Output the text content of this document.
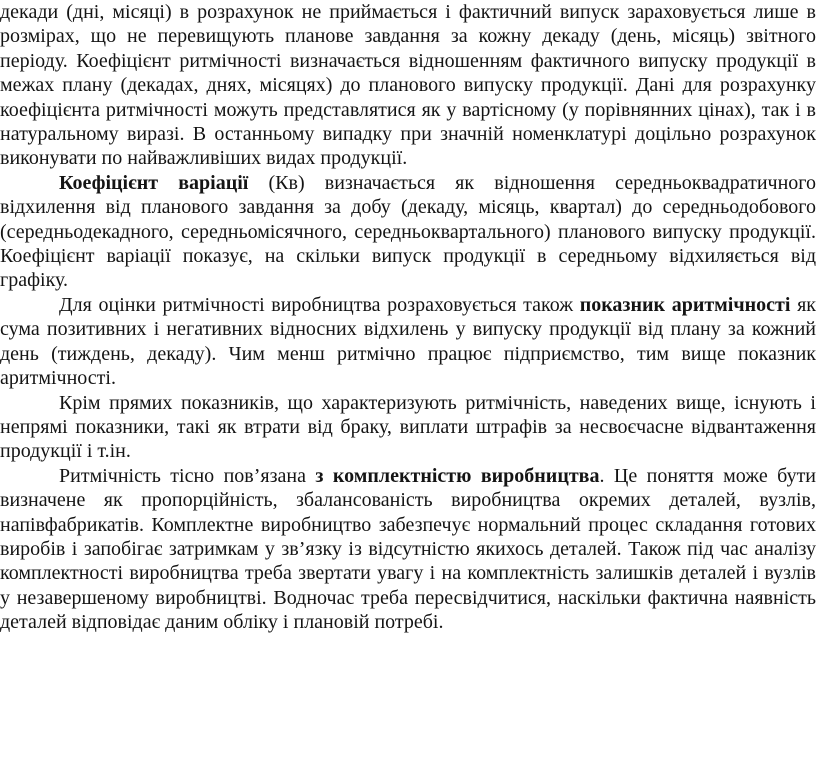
декади (дні, місяці) в розрахунок не приймається і фактичний випуск зараховується лише в розмірах, що не перевищують планове завдання за кожну декаду (день, місяць) звітного періоду. Коефіцієнт ритмічності визначається відношенням фактичного випуску продукції в межах плану (декадах, днях, місяцях) до планового випуску продукції. Дані для розрахунку коефіцієнта ритмічності можуть представлятися як у вартісному (у порівнянних цінах), так і в натуральному виразі. В останньому випадку при значній номенклатурі доцільно розрахунок виконувати по найважливіших видах продукції.

Коефіцієнт варіації (Кв) визначається як відношення середньоквадратичного відхилення від планового завдання за добу (декаду, місяць, квартал) до середньодобового (середньодекадного, середньомісячного, середньоквартального) планового випуску продукції. Коефіцієнт варіації показує, на скільки випуск продукції в середньому відхиляється від графіку.

Для оцінки ритмічності виробництва розраховується також показник аритмічності як сума позитивних і негативних відносних відхилень у випуску продукції від плану за кожний день (тиждень, декаду). Чим менш ритмічно працює підприємство, тим вище показник аритмічності.

Крім прямих показників, що характеризують ритмічність, наведених вище, існують і непрямі показники, такі як втрати від браку, виплати штрафів за несвоєчасне відвантаження продукції і т.ін.

Ритмічність тісно пов’язана з комплектністю виробництва. Це поняття може бути визначене як пропорційність, збалансованість виробництва окремих деталей, вузлів, напівфабрикатів. Комплектне виробництво забезпечує нормальний процес складання готових виробів і запобігає затримкам у зв’язку із відсутністю якихось деталей. Також під час аналізу комплектності виробництва треба звертати увагу і на комплектність залишків деталей і вузлів у незавершеному виробництві. Водночас треба пересвідчитися, наскільки фактична наявність деталей відповідає даним обліку і плановій потребі.
